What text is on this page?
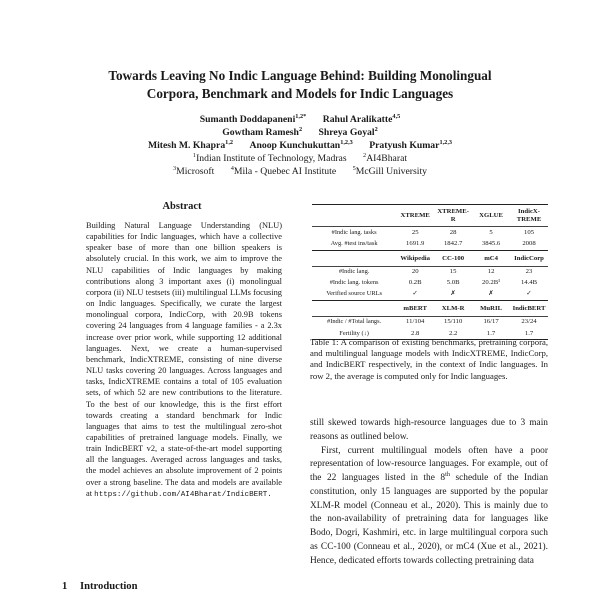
Towards Leaving No Indic Language Behind: Building Monolingual
Corpora, Benchmark and Models for Indic Languages
Sumanth Doddapaneni$^{1,2*}$ Rahul Aralikatte$^{4,5}$
Gowtham Ramesh$^2$ Shreya Goyal$^2$
Mitesh M. Khapra$^{1,2}$ Anoop Kunchukuttan$^{1,2,3}$ Pratyush Kumar$^{1,2,3}$
$^1$Indian Institute of Technology, Madras	$^2$AI4Bharat
$^3$Microsoft	$^4$Mila - Quebec AI Institute	$^5$McGill University
Abstract
Building Natural Language Understanding (NLU) capabilities for Indic languages, which have a collective speaker base of more than one billion speakers is absolutely crucial. In this work, we aim to improve the NLU capabilities of Indic languages by making contributions along 3 important axes (i) monolingual corpora (ii) NLU testsets (iii) multilingual LLMs focusing on Indic languages. Specifically, we curate the largest monolingual corpora, IndicCorp, with 20.9B tokens covering 24 languages from 4 language families - a 2.3x increase over prior work, while supporting 12 additional languages. Next, we create a human-supervised benchmark, IndicXTREME, consisting of nine diverse NLU tasks covering 20 languages. Across languages and tasks, IndicXTREME contains a total of 105 evaluation sets, of which 52 are new contributions to the literature. To the best of our knowledge, this is the first effort towards creating a standard benchmark for Indic languages that aims to test the multilingual zero-shot capabilities of pretrained language models. Finally, we train IndicBERT v2, a state-of-the-art model supporting all the languages. Averaged across languages and tasks, the model achieves an absolute improvement of 2 points over a strong baseline. The data and models are available at https://github.com/AI4Bharat/IndicBERT.
1 Introduction
	XTREME	XTREME-R	XGLUE	IndicX-TREME
#Indic lang. tasks	25	28	5	105
Avg. #test ins/task	1691.9	1842.7	3845.6	2008
	Wikipedia	CC-100	mC4	IndicCorp
#Indic lang.	20	15	12	23
#Indic lang. tokens	0.2B	5.0B	20.2B¹	14.4B
Verified source URLs	✓	✗	✗	✓
	mBERT	XLM-R	MuRIL	IndicBERT
#Indic / #Total langs.	11/104	15/110	16/17	23/24
Fertility (↓)	2.8	2.2	1.7	1.7
Table 1: A comparison of existing benchmarks, pretraining corpora, and multilingual language models with IndicXTREME, IndicCorp, and IndicBERT respectively, in the context of Indic languages. In row 2, the average is computed only for Indic languages.

still skewed towards high-resource languages due to 3 main reasons as outlined below.

First, current multilingual models often have a poor representation of low-resource languages. For example, out of the 22 languages listed in the 8th schedule of the Indian constitution, only 15 languages are supported by the popular XLM-R model (Conneau et al., 2020). This is mainly due to the non-availability of pretraining data for languages like Bodo, Dogri, Kashmiri, etc. in large multilingual corpora such as CC-100 (Conneau et al., 2020), or mC4 (Xue et al., 2021). Hence, dedicated efforts towards collecting pretraining data
